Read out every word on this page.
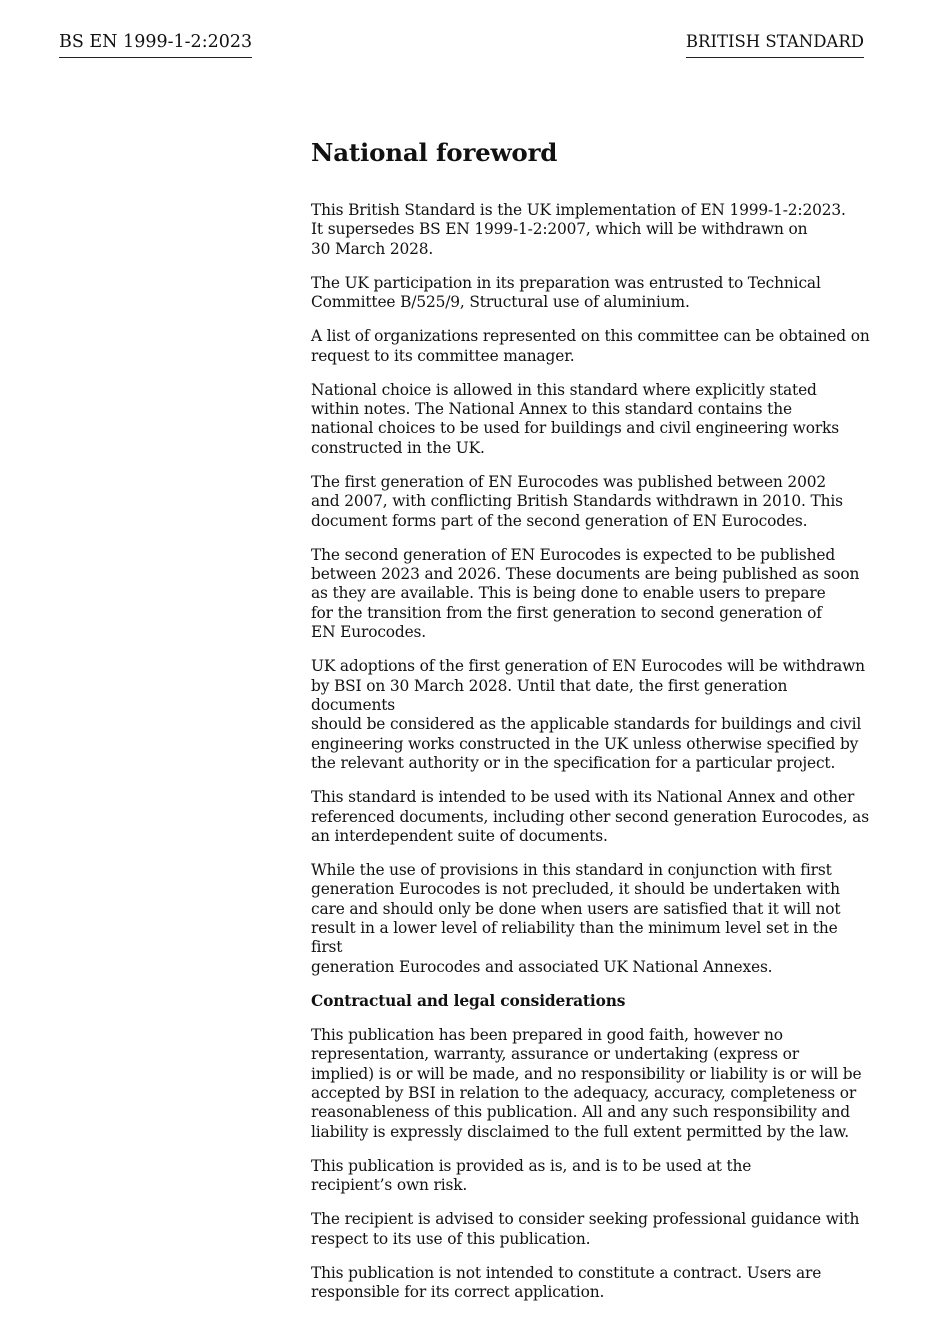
BS EN 1999-1-2:2023	BRITISH STANDARD
National foreword

This British Standard is the UK implementation of EN 1999-1-2:2023.
It supersedes BS EN 1999-1-2:2007, which will be withdrawn on
30 March 2028.

The UK participation in its preparation was entrusted to Technical
Committee B/525/9, Structural use of aluminium.

A list of organizations represented on this committee can be obtained on
request to its committee manager.

National choice is allowed in this standard where explicitly stated
within notes. The National Annex to this standard contains the
national choices to be used for buildings and civil engineering works
constructed in the UK.

The first generation of EN Eurocodes was published between 2002
and 2007, with conflicting British Standards withdrawn in 2010. This
document forms part of the second generation of EN Eurocodes.

The second generation of EN Eurocodes is expected to be published
between 2023 and 2026. These documents are being published as soon
as they are available. This is being done to enable users to prepare
for the transition from the first generation to second generation of
EN Eurocodes.

UK adoptions of the first generation of EN Eurocodes will be withdrawn
by BSI on 30 March 2028. Until that date, the first generation documents
should be considered as the applicable standards for buildings and civil
engineering works constructed in the UK unless otherwise specified by
the relevant authority or in the specification for a particular project.

This standard is intended to be used with its National Annex and other
referenced documents, including other second generation Eurocodes, as
an interdependent suite of documents.

While the use of provisions in this standard in conjunction with first
generation Eurocodes is not precluded, it should be undertaken with
care and should only be done when users are satisfied that it will not
result in a lower level of reliability than the minimum level set in the first
generation Eurocodes and associated UK National Annexes.

Contractual and legal considerations

This publication has been prepared in good faith, however no
representation, warranty, assurance or undertaking (express or
implied) is or will be made, and no responsibility or liability is or will be
accepted by BSI in relation to the adequacy, accuracy, completeness or
reasonableness of this publication. All and any such responsibility and
liability is expressly disclaimed to the full extent permitted by the law.

This publication is provided as is, and is to be used at the
recipient’s own risk.

The recipient is advised to consider seeking professional guidance with
respect to its use of this publication.

This publication is not intended to constitute a contract. Users are
responsible for its correct application.
